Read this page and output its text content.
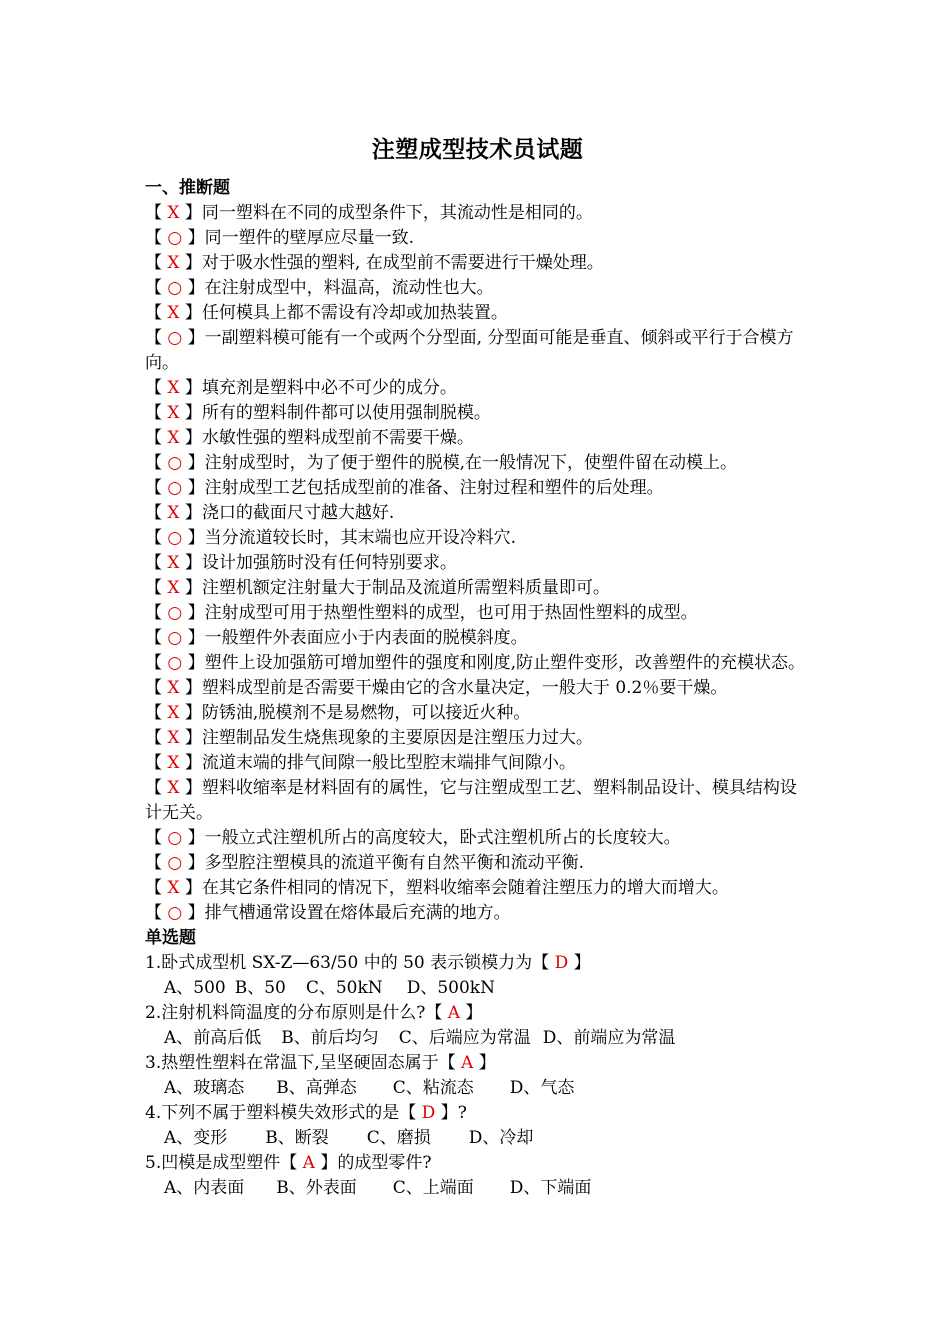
注塑成型技术员试题
一、推断题
【 X 】同一塑料在不同的成型条件下，其流动性是相同的。
【 ○ 】同一塑件的壁厚应尽量一致.
【 X 】对于吸水性强的塑料, 在成型前不需要进行干燥处理。
【 ○ 】在注射成型中，料温高，流动性也大。
【 X 】任何模具上都不需设有冷却或加热装置。
【 ○ 】一副塑料模可能有一个或两个分型面, 分型面可能是垂直、倾斜或平行于合模方向。
【 X 】填充剂是塑料中必不可少的成分。
【 X 】所有的塑料制件都可以使用强制脱模。
【 X 】水敏性强的塑料成型前不需要干燥。
【 ○ 】注射成型时，为了便于塑件的脱模,在一般情况下，使塑件留在动模上。
【 ○ 】注射成型工艺包括成型前的准备、注射过程和塑件的后处理。
【 X 】浇口的截面尺寸越大越好.
【 ○ 】当分流道较长时，其末端也应开设冷料穴.
【 X 】设计加强筋时没有任何特别要求。
【 X 】注塑机额定注射量大于制品及流道所需塑料质量即可。
【 ○ 】注射成型可用于热塑性塑料的成型，也可用于热固性塑料的成型。
【 ○ 】一般塑件外表面应小于内表面的脱模斜度。
【 ○ 】塑件上设加强筋可增加塑件的强度和刚度,防止塑件变形，改善塑件的充模状态。
【 X 】塑料成型前是否需要干燥由它的含水量决定，一般大于 0.2％要干燥。
【 X 】防锈油,脱模剂不是易燃物，可以接近火种。
【 X 】注塑制品发生烧焦现象的主要原因是注塑压力过大。
【 X 】流道末端的排气间隙一般比型腔末端排气间隙小。
【 X 】塑料收缩率是材料固有的属性，它与注塑成型工艺、塑料制品设计、模具结构设计无关。
【 ○ 】一般立式注塑机所占的高度较大，卧式注塑机所占的长度较大。
【 ○ 】多型腔注塑模具的流道平衡有自然平衡和流动平衡.
【 X 】在其它条件相同的情况下，塑料收缩率会随着注塑压力的增大而增大。
【 ○ 】排气槽通常设置在熔体最后充满的地方。
单选题
1.卧式成型机 SX-Z—63/50 中的 50 表示锁模力为【 D 】
A、500 B、50 C、50kN D、500kN
2.注射机料筒温度的分布原则是什么?【 A 】
A、前高后低 B、前后均匀 C、后端应为常温 D、前端应为常温
3.热塑性塑料在常温下,呈坚硬固态属于【 A 】
A、玻璃态 B、高弹态 C、粘流态 D、气态
4.下列不属于塑料模失效形式的是【 D 】?
A、变形 B、断裂 C、磨损 D、冷却
5.凹模是成型塑件【 A 】的成型零件?
A、内表面 B、外表面 C、上端面 D、下端面
